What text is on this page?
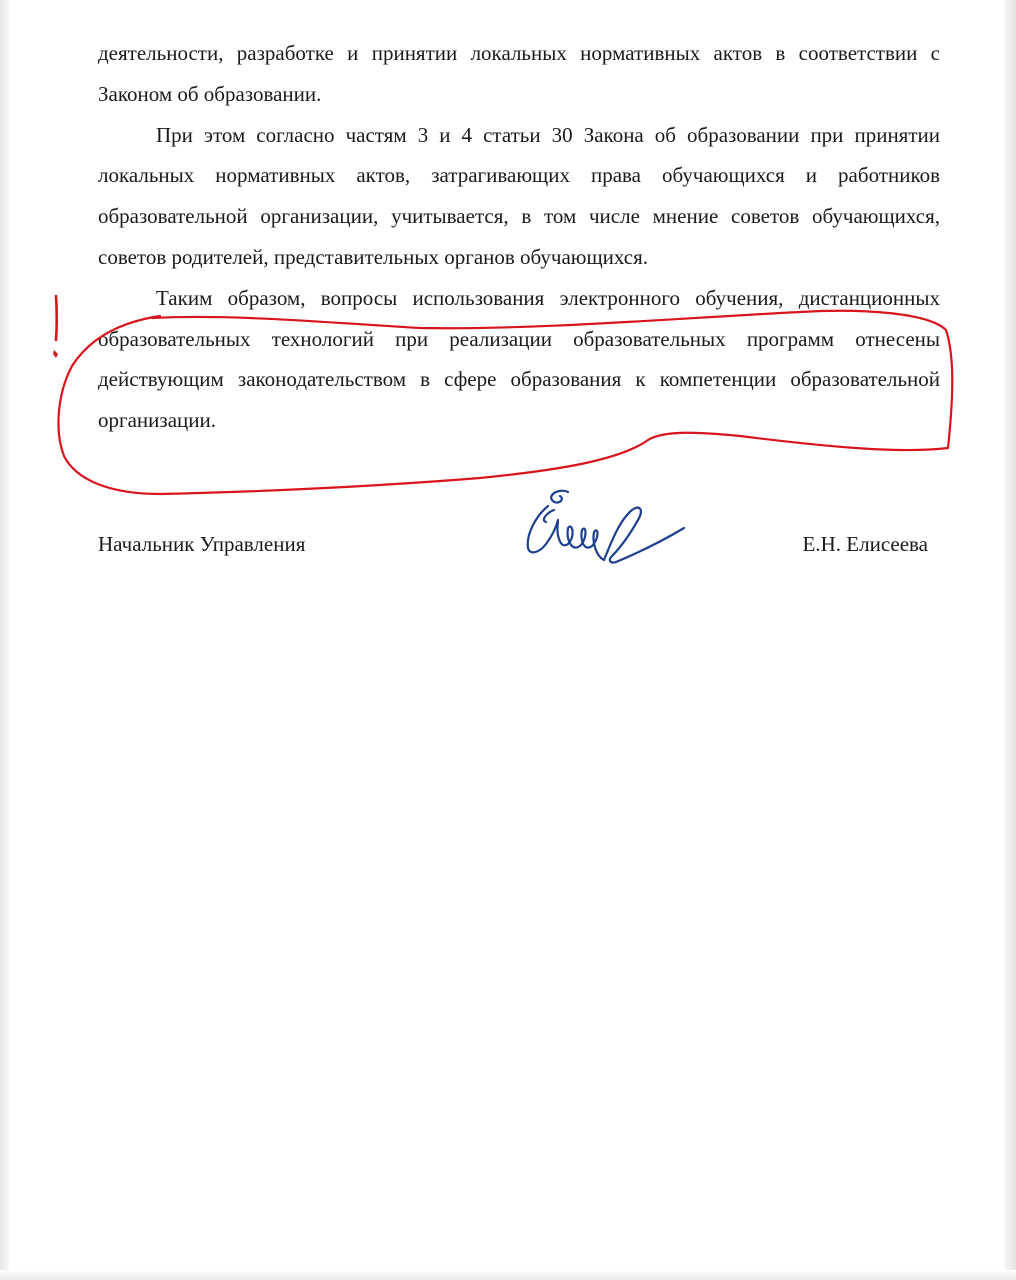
деятельности, разработке и принятии локальных нормативных актов в соответствии с Законом об образовании.

При этом согласно частям 3 и 4 статьи 30 Закона об образовании при принятии локальных нормативных актов, затрагивающих права обучающихся и работников образовательной организации, учитывается, в том числе мнение советов обучающихся, советов родителей, представительных органов обучающихся.

Таким образом, вопросы использования электронного обучения, дистанционных образовательных технологий при реализации образовательных программ отнесены действующим законодательством в сфере образования к компетенции образовательной организации.

Начальник Управления	Е.Н. Елисеева
